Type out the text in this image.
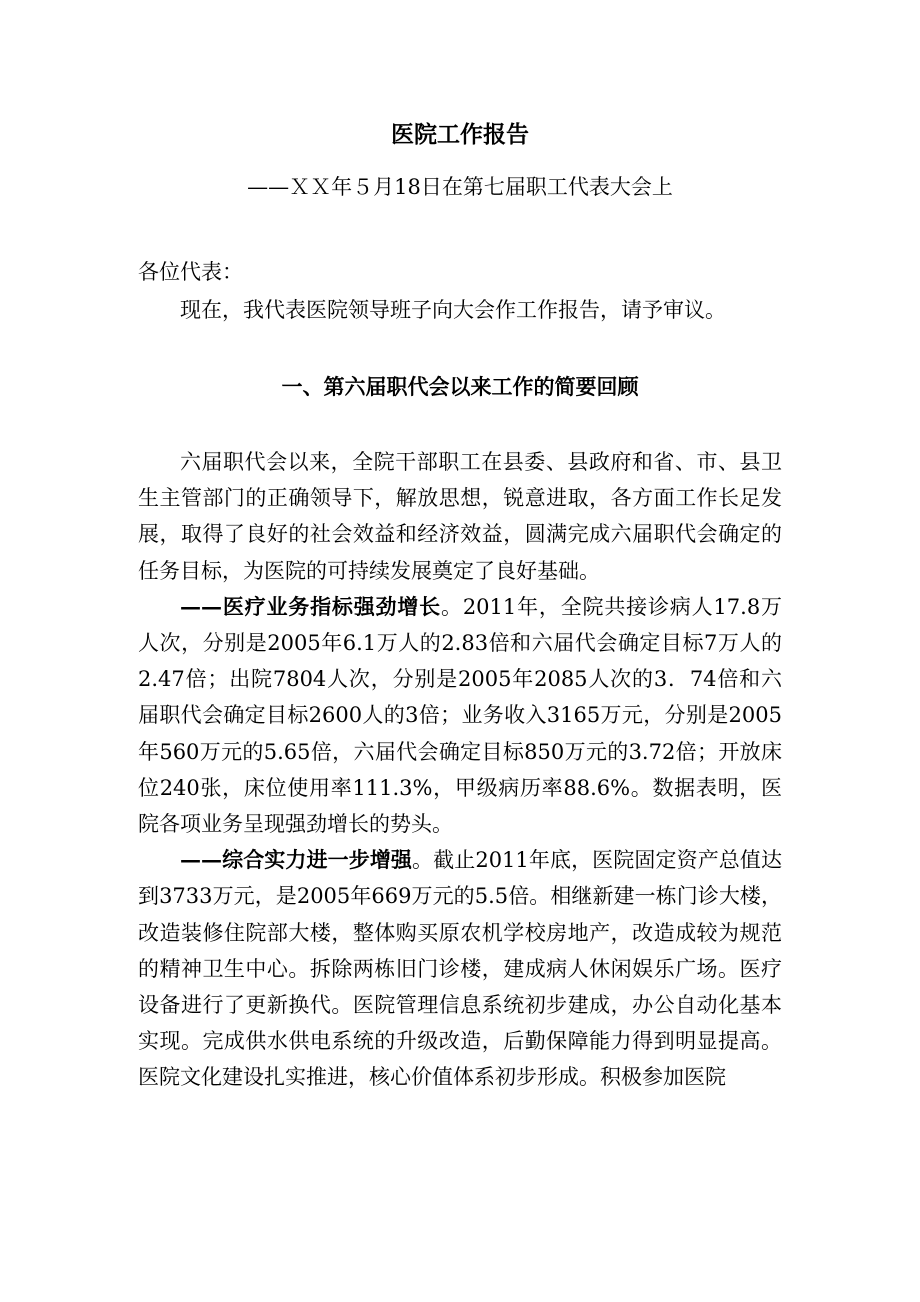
医院工作报告
——ＸＸ年５月18日在第七届职工代表大会上
各位代表：
现在，我代表医院领导班子向大会作工作报告，请予审议。
一、第六届职代会以来工作的简要回顾

六届职代会以来，全院干部职工在县委、县政府和省、市、县卫生主管部门的正确领导下，解放思想，锐意进取，各方面工作长足发展，取得了良好的社会效益和经济效益，圆满完成六届职代会确定的任务目标，为医院的可持续发展奠定了良好基础。

——医疗业务指标强劲增长。2011年，全院共接诊病人17.8万人次，分别是2005年6.1万人的2.83倍和六届代会确定目标7万人的2.47倍；出院7804人次，分别是2005年2085人次的3．74倍和六届职代会确定目标2600人的3倍；业务收入3165万元，分别是2005年560万元的5.65倍，六届代会确定目标850万元的3.72倍；开放床位240张，床位使用率111.3%，甲级病历率88.6%。数据表明，医院各项业务呈现强劲增长的势头。

——综合实力进一步增强。截止2011年底，医院固定资产总值达到3733万元，是2005年669万元的5.5倍。相继新建一栋门诊大楼，改造装修住院部大楼，整体购买原农机学校房地产，改造成较为规范的精神卫生中心。拆除两栋旧门诊楼，建成病人休闲娱乐广场。医疗设备进行了更新换代。医院管理信息系统初步建成，办公自动化基本实现。完成供水供电系统的升级改造，后勤保障能力得到明显提高。医院文化建设扎实推进，核心价值体系初步形成。积极参加医院
